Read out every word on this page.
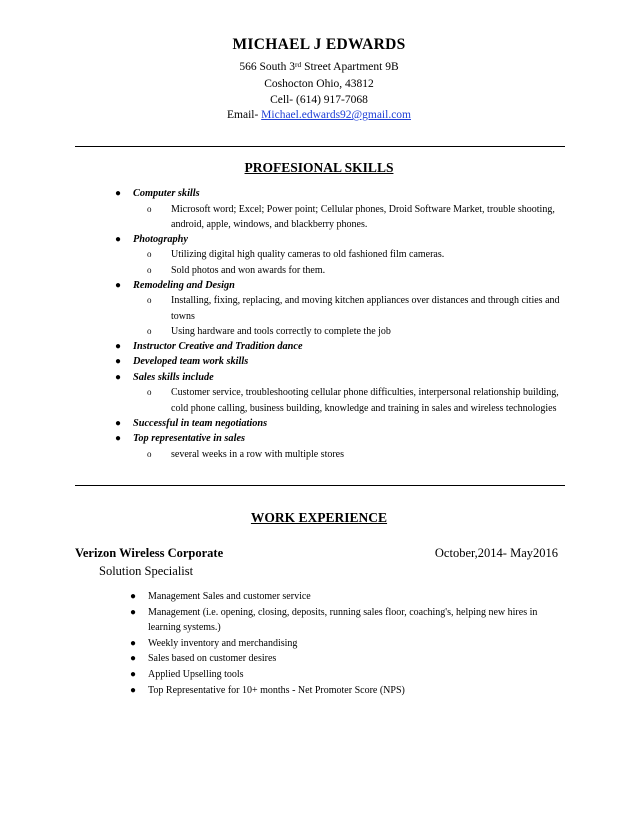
MICHAEL J EDWARDS
566 South 3rd Street Apartment 9B
Coshocton Ohio, 43812
Cell- (614) 917-7068
Email- Michael.edwards92@gmail.com
PROFESIONAL SKILLS
● Computer skills
o Microsoft word; Excel; Power point; Cellular phones, Droid Software Market, trouble shooting, android, apple, windows, and blackberry phones.
● Photography
o Utilizing digital high quality cameras to old fashioned film cameras.
o Sold photos and won awards for them.
● Remodeling and Design
o Installing, fixing, replacing, and moving kitchen appliances over distances and through cities and towns
o Using hardware and tools correctly to complete the job
● Instructor Creative and Tradition dance
● Developed team work skills
● Sales skills include
o Customer service, troubleshooting cellular phone difficulties, interpersonal relationship building, cold phone calling, business building, knowledge and training in sales and wireless technologies
● Successful in team negotiations
● Top representative in sales
o several weeks in a row with multiple stores
WORK EXPERIENCE
Verizon Wireless Corporate	October,2014- May2016
Solution Specialist
● Management Sales and customer service
● Management (i.e. opening, closing, deposits, running sales floor, coaching's, helping new hires in learning systems.)
● Weekly inventory and merchandising
● Sales based on customer desires
● Applied Upselling tools
● Top Representative for 10+ months - Net Promoter Score (NPS)
